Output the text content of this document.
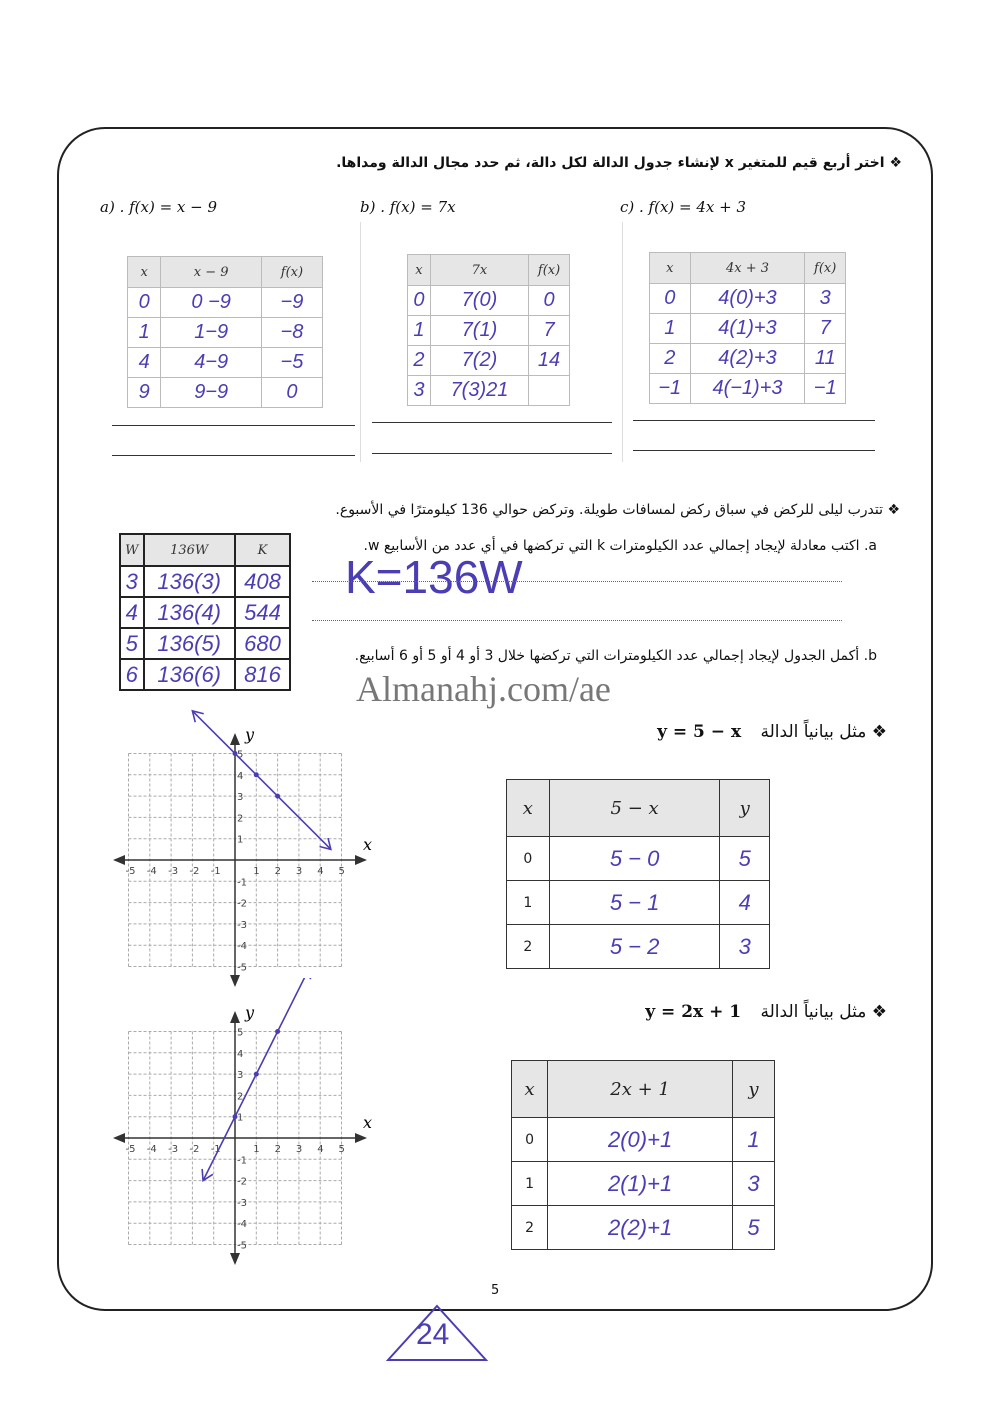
❖ اختر أربع قيم للمتغير x لإنشاء جدول الدالة لكل دالة، ثم حدد مجال الدالة ومداها.
a) . f(x) = x − 9	b) . f(x) = 7x	c) . f(x) = 4x + 3
x	x − 9	f(x)
0	0 −9	−9
1	1−9	−8
4	4−9	−5
9	9−9	0
x	7x	f(x)
0	7(0)	0
1	7(1)	7
2	7(2)	14
3	7(3)21	
x	4x + 3	f(x)
0	4(0)+3	3
1	4(1)+3	7
2	4(2)+3	11
−1	4(−1)+3	−1
❖ تتدرب ليلى للركض في سباق ركض لمسافات طويلة. وتركض حوالي 136 كيلومترًا في الأسبوع.
a. اكتب معادلة لإيجاد إجمالي عدد الكيلومترات k التي تركضها في أي عدد من الأسابيع w.
K=136W
b. أكمل الجدول لإيجاد إجمالي عدد الكيلومترات التي تركضها خلال 3 أو 4 أو 5 أو 6 أسابيع.
W	136W	K
3	136(3)	408
4	136(4)	544
5	136(5)	680
6	136(6)	816 Almanahj.com/ae
❖ مثل بيانياً الدالة y = 5 − x
❖ مثل بيانياً الدالة y = 2x + 1
x	5 − x	y
0	5 − 0	5
1	5 − 1	4
2	5 − 2	3
x	2x + 1	y
0	2(0)+1	1
1	2(1)+1	3
2	2(2)+1	5
x
y
-5
-5
-4
-4
-3
-3
-2
-2
-1
-1
1
1
2
2
3
3
4
4
5
5
x
y
-5
-5
-4
-4
-3
-3
-2
-2
-1
-1
1
1
2
2
3
3
4
4
5
5
5
24
